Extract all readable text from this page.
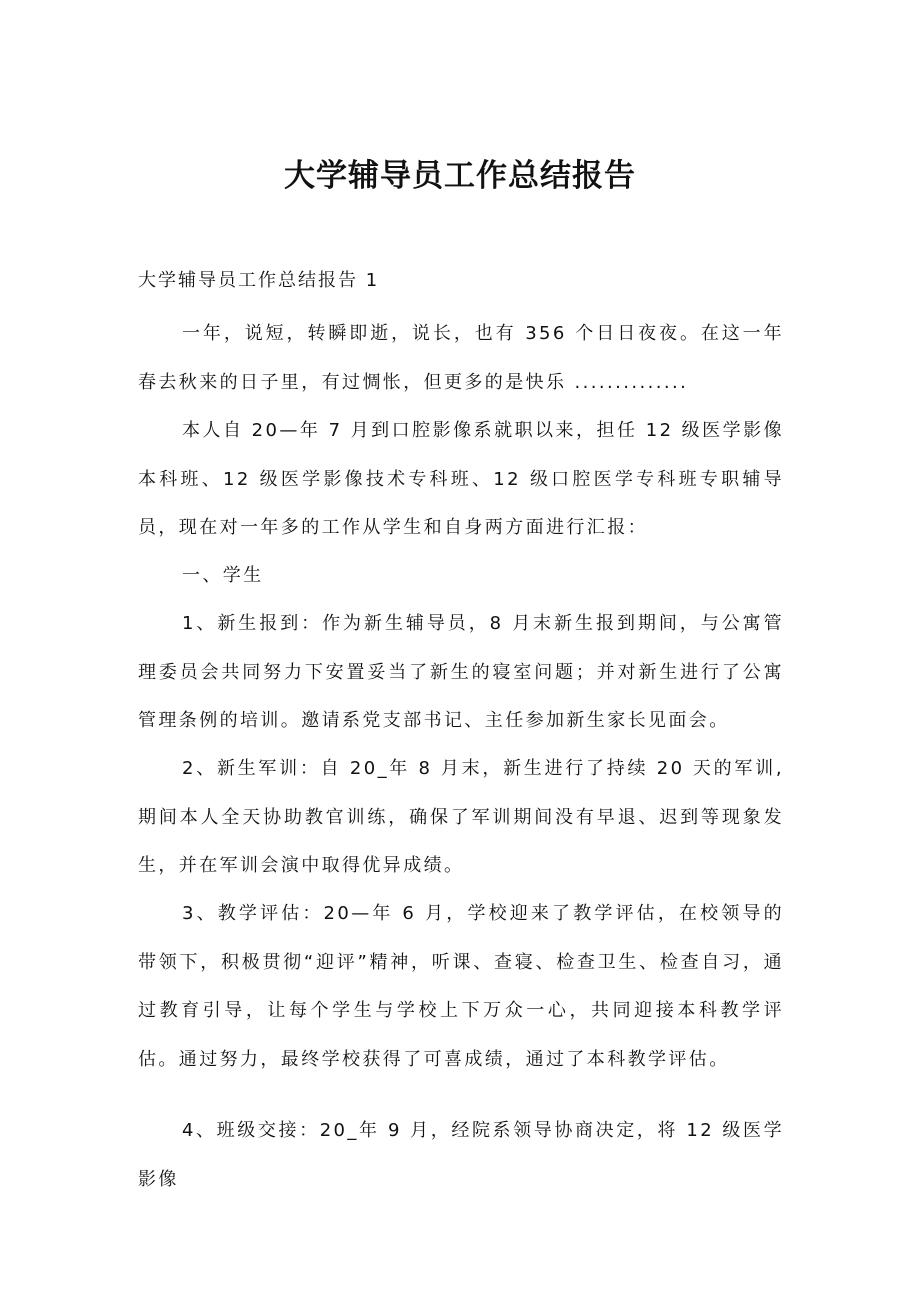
大学辅导员工作总结报告
大学辅导员工作总结报告 1

一年，说短，转瞬即逝，说长，也有 356 个日日夜夜。在这一年春去秋来的日子里，有过惆怅，但更多的是快乐 ..............

本人自 20—年 7 月到口腔影像系就职以来，担任 12 级医学影像本科班、12 级医学影像技术专科班、12 级口腔医学专科班专职辅导员，现在对一年多的工作从学生和自身两方面进行汇报：

一、学生

1、新生报到：作为新生辅导员，8 月末新生报到期间，与公寓管理委员会共同努力下安置妥当了新生的寝室问题；并对新生进行了公寓管理条例的培训。邀请系党支部书记、主任参加新生家长见面会。

2、新生军训：自 20_年 8 月末，新生进行了持续 20 天的军训,期间本人全天协助教官训练，确保了军训期间没有早退、迟到等现象发生，并在军训会演中取得优异成绩。

3、教学评估：20—年 6 月，学校迎来了教学评估，在校领导的带领下，积极贯彻“迎评”精神，听课、查寝、检查卫生、检查自习，通过教育引导，让每个学生与学校上下万众一心，共同迎接本科教学评估。通过努力，最终学校获得了可喜成绩，通过了本科教学评估。

4、班级交接：20_年 9 月，经院系领导协商决定，将 12 级医学影像
